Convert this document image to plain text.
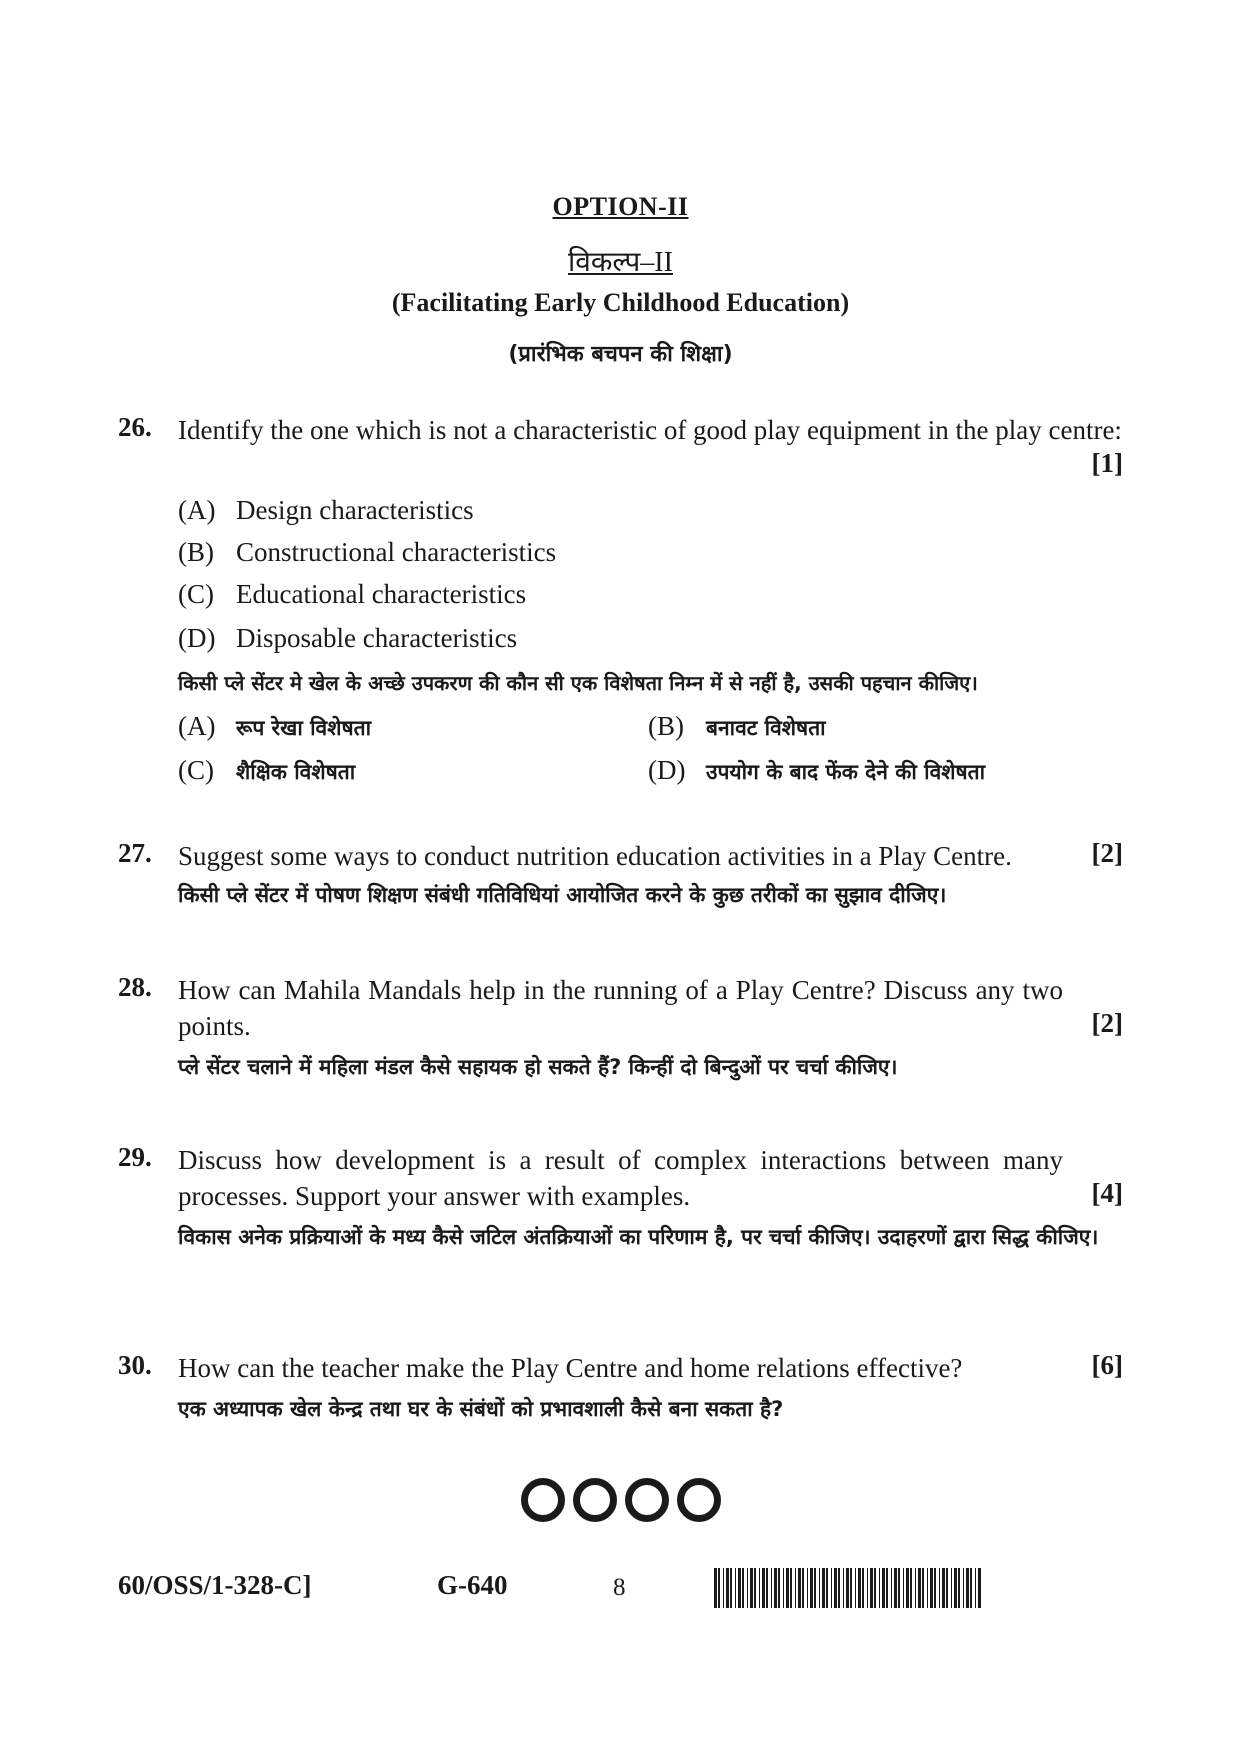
OPTION-II
विकल्प–II
(Facilitating Early Childhood Education)
(प्रारंभिक बचपन की शिक्षा)
26. Identify the one which is not a characteristic of good play equipment in the play centre:

[1]
(A) Design characteristics
(B) Constructional characteristics
(C) Educational characteristics
(D) Disposable characteristics

किसी प्ले सेंटर मे खेल के अच्छे उपकरण की कौन सी एक विशेषता निम्न में से नहीं है, उसकी पहचान कीजिए।

(A) रूप रेखा विशेषता	(B) बनावट विशेषता
(C) शैक्षिक विशेषता	(D) उपयोग के बाद फेंक देने की विशेषता
27. Suggest some ways to conduct nutrition education activities in a Play Centre.	[2]

किसी प्ले सेंटर में पोषण शिक्षण संबंधी गतिविधियां आयोजित करने के कुछ तरीकों का सुझाव दीजिए।

28. How can Mahila Mandals help in the running of a Play Centre? Discuss any two points.	[2]

प्ले सेंटर चलाने में महिला मंडल कैसे सहायक हो सकते हैं? किन्हीं दो बिन्दुओं पर चर्चा कीजिए।

Discuss how development is a result of complex interactions between many processes. Support your answer with examples.	[4]

विकास अनेक प्रक्रियाओं के मध्य कैसे जटिल अंतक्रियाओं का परिणाम है, पर चर्चा कीजिए। उदाहरणों द्वारा सिद्ध कीजिए।

29.
30. How can the teacher make the Play Centre and home relations effective?	[6]

एक अध्यापक खेल केन्द्र तथा घर के संबंधों को प्रभावशाली कैसे बना सकता है?

60/OSS/1-328-C]	G-640	8
